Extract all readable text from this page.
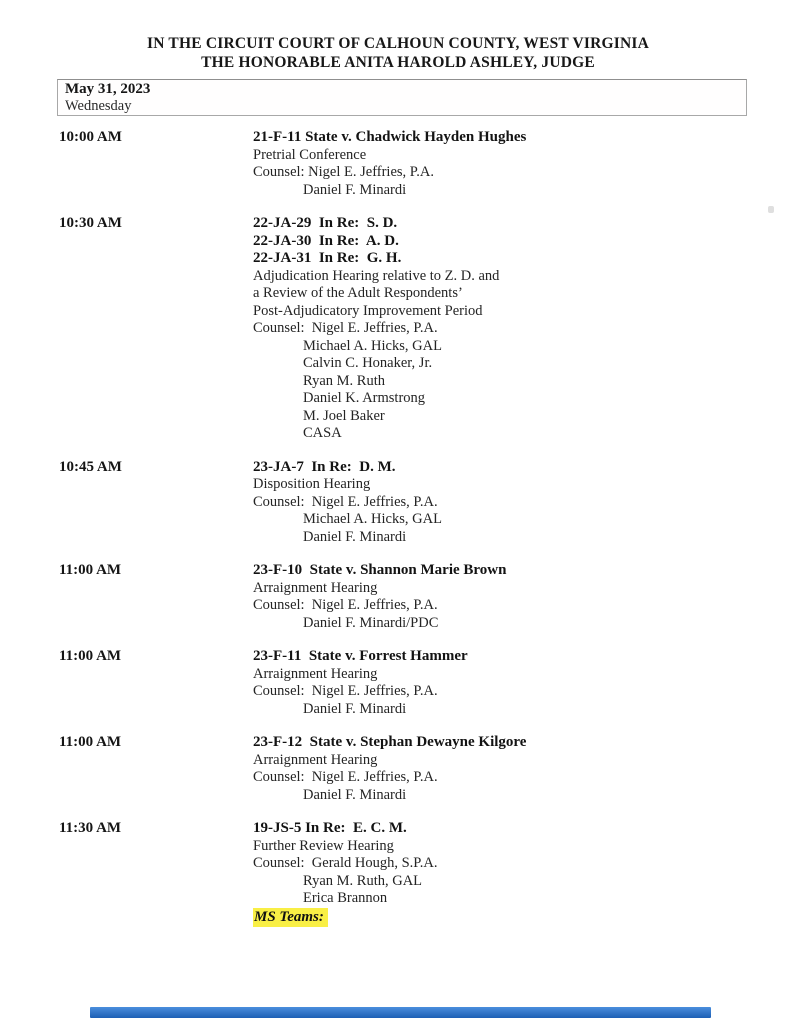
IN THE CIRCUIT COURT OF CALHOUN COUNTY, WEST VIRGINIA
THE HONORABLE ANITA HAROLD ASHLEY, JUDGE
May 31, 2023
Wednesday
10:00 AM	21-F-11 State v. Chadwick Hayden Hughes
Pretrial Conference
Counsel: Nigel E. Jeffries, P.A.
Daniel F. Minardi
10:30 AM	22-JA-29  In Re:  S. D.
22-JA-30  In Re:  A. D.
22-JA-31  In Re:  G. H.
Adjudication Hearing relative to Z. D. and
a Review of the Adult Respondents’
Post-Adjudicatory Improvement Period
Counsel:  Nigel E. Jeffries, P.A.
Michael A. Hicks, GAL
Calvin C. Honaker, Jr.
Ryan M. Ruth
Daniel K. Armstrong
M. Joel Baker
CASA
10:45 AM	23-JA-7  In Re:  D. M.
Disposition Hearing
Counsel:  Nigel E. Jeffries, P.A.
Michael A. Hicks, GAL
Daniel F. Minardi
11:00 AM	23-F-10  State v. Shannon Marie Brown
Arraignment Hearing
Counsel:  Nigel E. Jeffries, P.A.
Daniel F. Minardi/PDC
11:00 AM	23-F-11  State v. Forrest Hammer
Arraignment Hearing
Counsel:  Nigel E. Jeffries, P.A.
Daniel F. Minardi
11:00 AM	23-F-12  State v. Stephan Dewayne Kilgore
Arraignment Hearing
Counsel:  Nigel E. Jeffries, P.A.
Daniel F. Minardi
11:30 AM	19-JS-5 In Re:  E. C. M.
Further Review Hearing
Counsel:  Gerald Hough, S.P.A.
Ryan M. Ruth, GAL
Erica Brannon
MS Teams:
